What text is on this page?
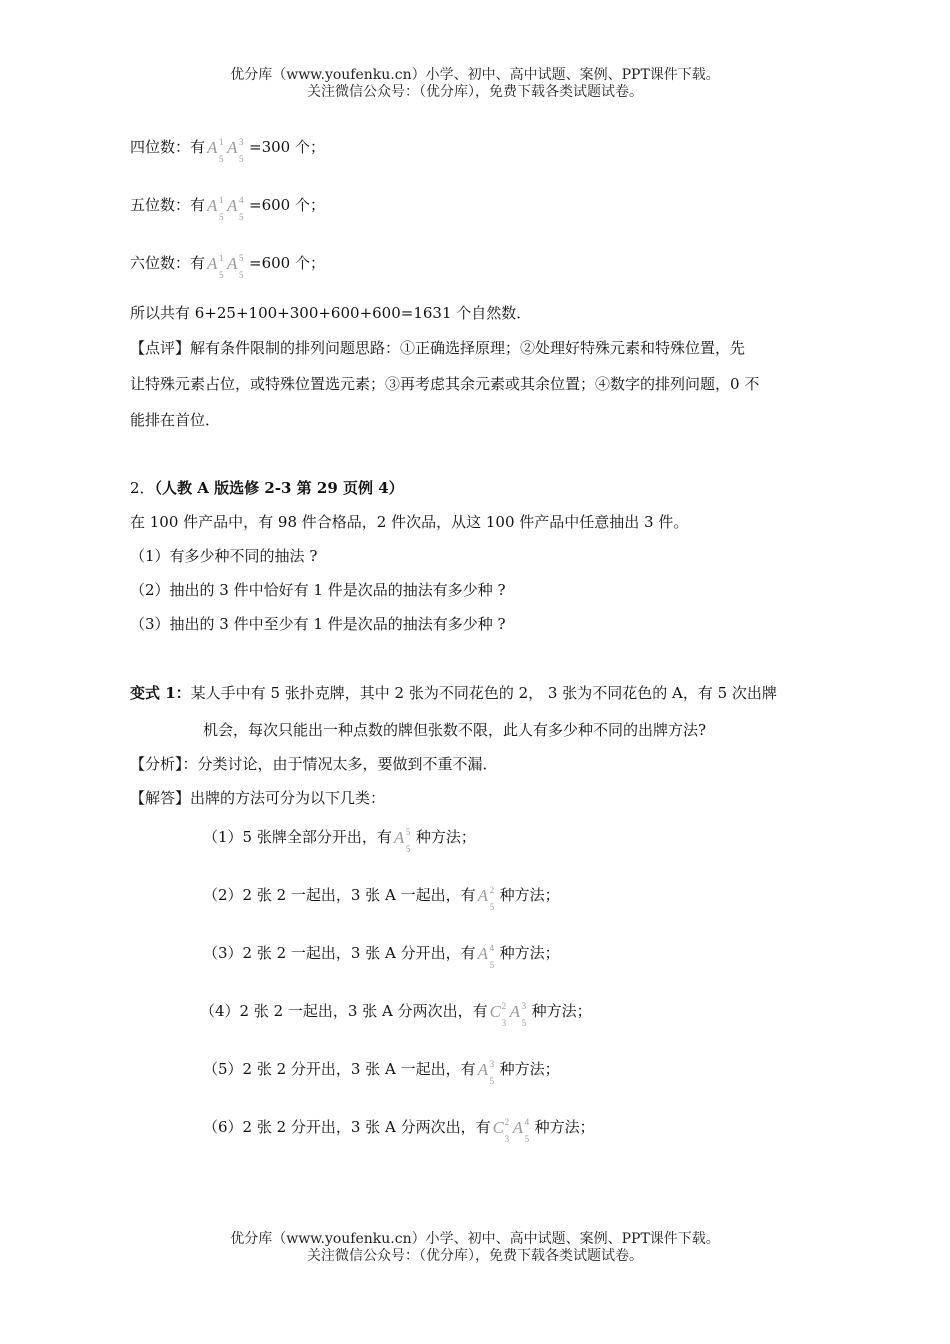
优分库（www.youfenku.cn）小学、初中、高中试题、案例、PPT课件下载。
关注微信公众号：（优分库），免费下载各类试题试卷。
四位数：有 A 1
5
A 3
5
=300 个；
五位数：有 A 1
5
A 4
5
=600 个；
六位数：有 A 1
5
A 5
5
=600 个；
所以共有 6+25+100+300+600+600=1631 个自然数．
【点评】解有条件限制的排列问题思路：①正确选择原理；②处理好特殊元素和特殊位置，先
让特殊元素占位，或特殊位置选元素；③再考虑其余元素或其余位置；④数字的排列问题，0 不
能排在首位．
2．（人教 A 版选修 2-3 第 29 页例 4）
在 100 件产品中，有 98 件合格品，2 件次品，从这 100 件产品中任意抽出 3 件。
（1）有多少种不同的抽法 ?
（2）抽出的 3 件中恰好有 1 件是次品的抽法有多少种 ?
（3）抽出的 3 件中至少有 1 件是次品的抽法有多少种 ?
变式 1：某人手中有 5 张扑克牌，其中 2 张为不同花色的 2， 3 张为不同花色的 A，有 5 次出牌
机会，每次只能出一种点数的牌但张数不限，此人有多少种不同的出牌方法?
【分析】：分类讨论，由于情况太多，要做到不重不漏．
【解答】出牌的方法可分为以下几类：
（1）5 张牌全部分开出，有 A 5
5
种方法；
（2）2 张 2 一起出，3 张 A 一起出，有 A 2
5
种方法；
（3）2 张 2 一起出，3 张 A 分开出，有 A 4
5
种方法；
（4）2 张 2 一起出，3 张 A 分两次出，有 C 2
3
A 3
5
种方法；
（5）2 张 2 分开出，3 张 A 一起出，有 A 3
5
种方法；
（6）2 张 2 分开出，3 张 A 分两次出，有 C 2
3
A 4
5
种方法；
优分库（www.youfenku.cn）小学、初中、高中试题、案例、PPT课件下载。
关注微信公众号：（优分库），免费下载各类试题试卷。
